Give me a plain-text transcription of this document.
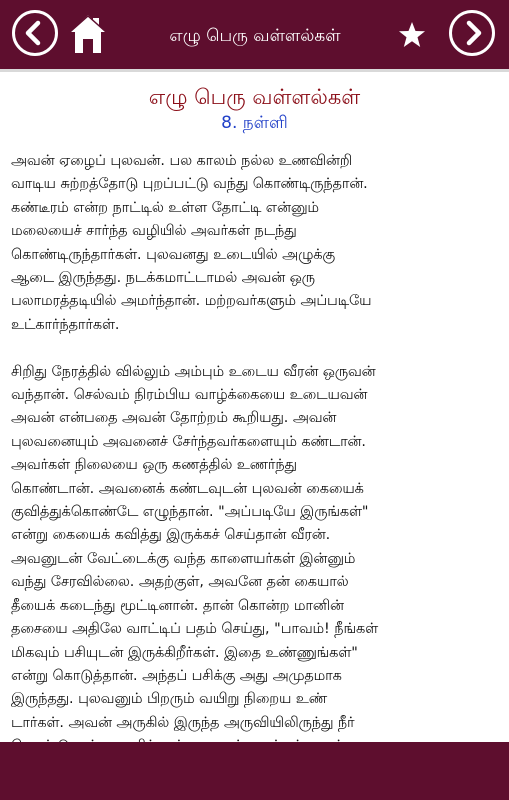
எழு பெரு வள்ளல்கள்
எழு பெரு வள்ளல்கள்
8. நள்ளி
அவன் ஏழைப் புலவன். பல காலம் நல்ல உணவின்றி
வாடிய சுற்றத்தோடு புறப்பட்டு வந்து கொண்டிருந்தான்.
கண்டீரம் என்ற நாட்டில் உள்ள தோட்டி என்னும்
மலையைச் சார்ந்த வழியில் அவர்கள் நடந்து
கொண்டிருந்தார்கள். புலவனது உடையில் அழுக்கு
ஆடை இருந்தது. நடக்கமாட்டாமல் அவன் ஒரு
பலாமரத்தடியில் அமர்ந்தான். மற்றவர்களும் அப்படியே
உட்கார்ந்தார்கள்.
சிறிது நேரத்தில் வில்லும் அம்பும் உடைய வீரன் ஒருவன்
வந்தான். செல்வம் நிரம்பிய வாழ்க்கையை உடையவன்
அவன் என்பதை அவன் தோற்றம் கூறியது. அவன்
புலவனையும் அவனைச் சேர்ந்தவர்களையும் கண்டான்.
அவர்கள் நிலையை ஒரு கணத்தில் உணர்ந்து
கொண்டான். அவனைக் கண்டவுடன் புலவன் கையைக்
குவித்துக்கொண்டே எழுந்தான். "அப்படியே இருங்கள்"
என்று கையைக் கவித்து இருக்கச் செய்தான் வீரன்.
அவனுடன் வேட்டைக்கு வந்த காளையர்கள் இன்னும்
வந்து சேரவில்லை. அதற்குள், அவனே தன் கையால்
தீயைக் கடைந்து மூட்டினான். தான் கொன்ற மானின்
தசையை அதிலே வாட்டிப் பதம் செய்து, "பாவம்! நீங்கள்
மிகவும் பசியுடன் இருக்கிறீர்கள். இதை உண்ணுங்கள்"
என்று கொடுத்தான். அந்தப் பசிக்கு அது அமுதமாக
இருந்தது. புலவனும் பிறரும் வயிறு நிறைய உண்
டார்கள். அவன் அருகில் இருந்த அருவியிலிருந்து நீர்
